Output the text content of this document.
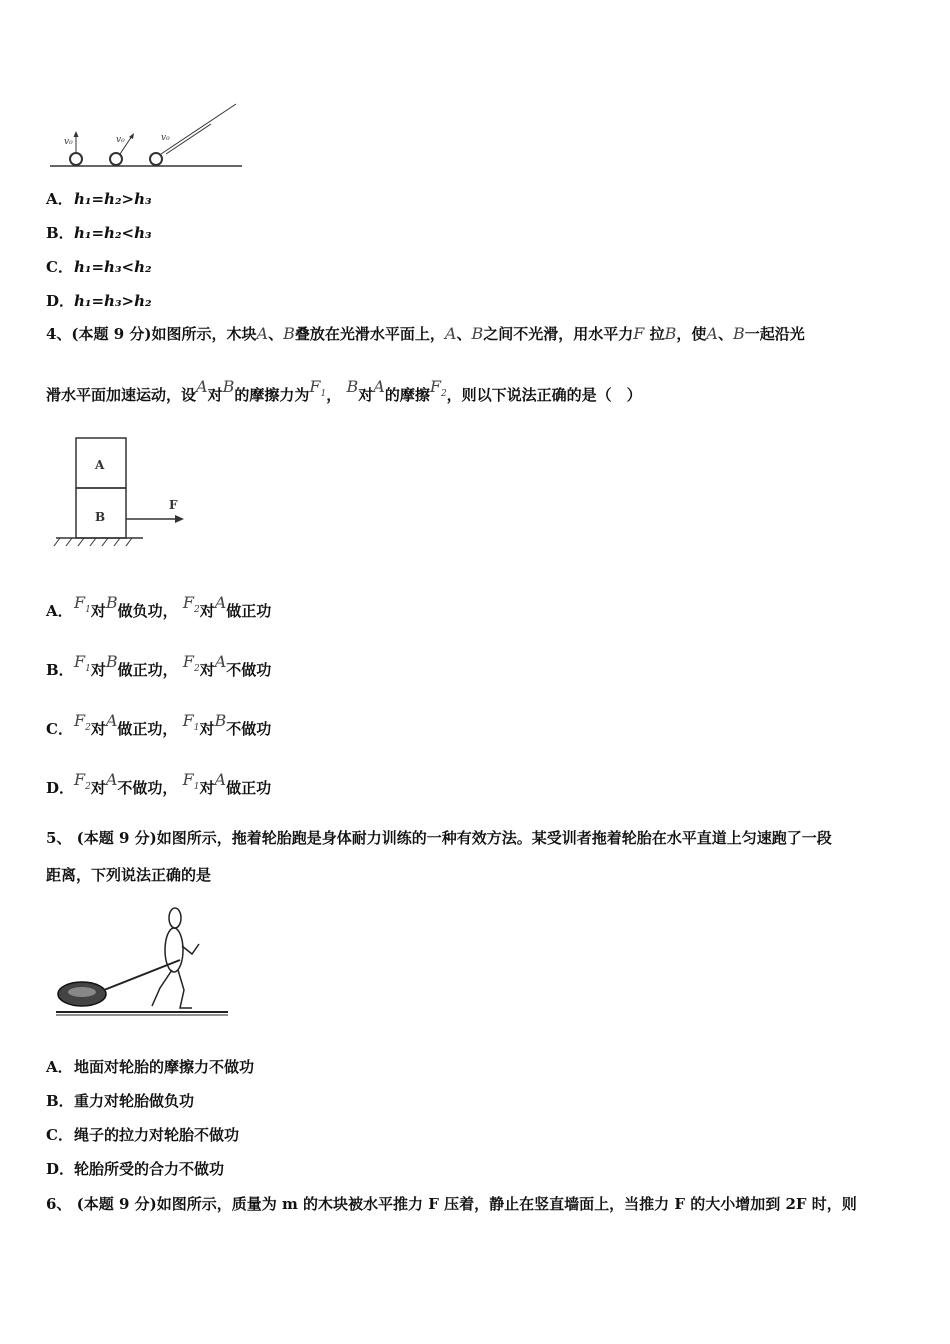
v₀	v₀	v₀
A．h₁=h₂>h₃
B．h₁=h₂<h₃
C．h₁=h₃<h₂
D．h₁=h₃>h₂
4、(本题 9 分)如图所示，木块A、B叠放在光滑水平面上，A、B之间不光滑，用水平力F 拉B，使A、B一起沿光
滑水平面加速运动，设A对B的摩擦力为$F_1$， B对A的摩擦$F_2$，则以下说法正确的是（　）
A
B
F
A．$F_1$对B做负功， $F_2$对A做正功
B．$F_1$对B做正功， $F_2$对A不做功
C．$F_2$对A做正功， $F_1$对B不做功
D．$F_2$对A不做功， $F_1$对A做正功
5、 (本题 9 分)如图所示，拖着轮胎跑是身体耐力训练的一种有效方法。某受训者拖着轮胎在水平直道上匀速跑了一段
距离，下列说法正确的是
A．地面对轮胎的摩擦力不做功
B．重力对轮胎做负功
C．绳子的拉力对轮胎不做功
D．轮胎所受的合力不做功
6、 (本题 9 分)如图所示，质量为 m 的木块被水平推力 F 压着，静止在竖直墙面上，当推力 F 的大小增加到 2F 时，则
